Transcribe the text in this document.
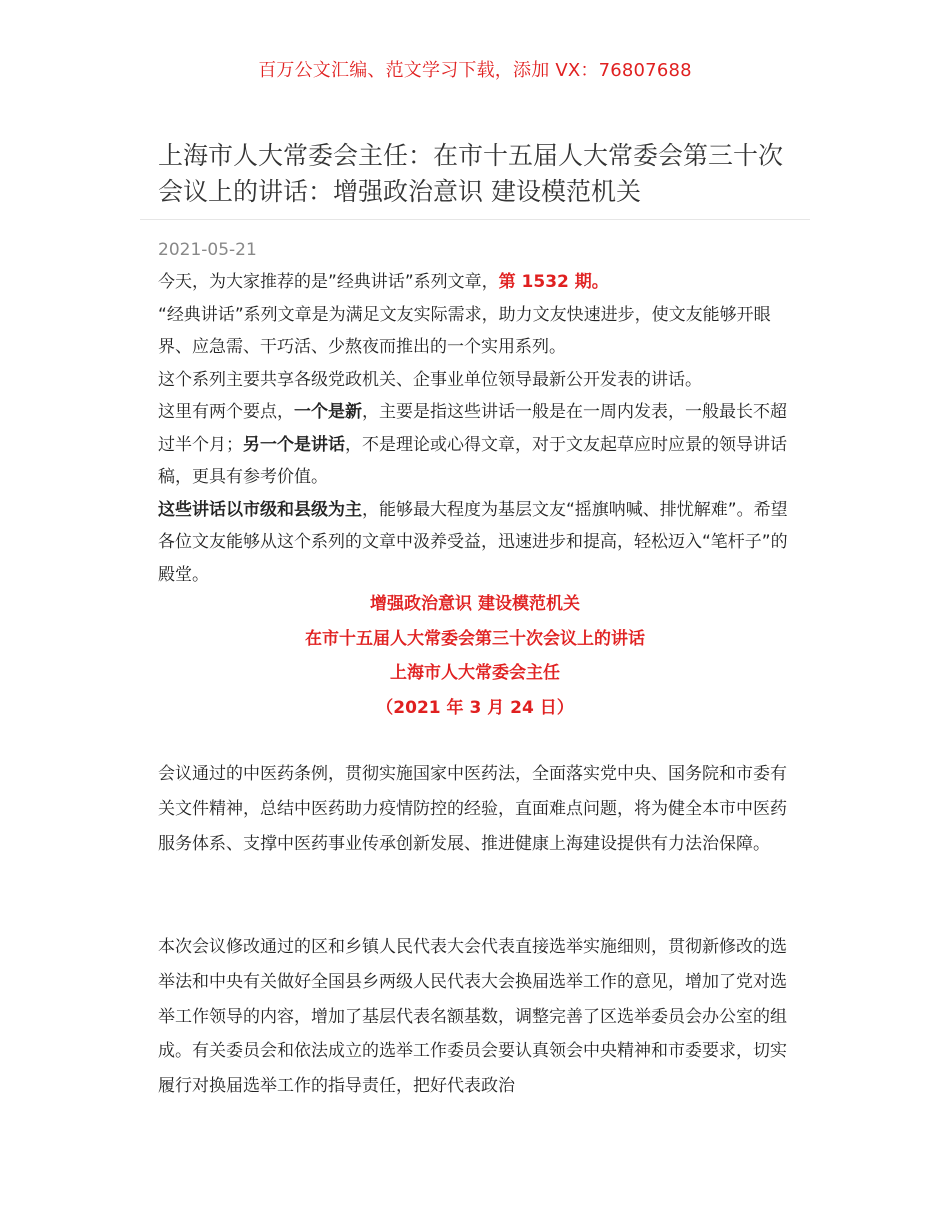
百万公文汇编、范文学习下载，添加 VX：76807688
上海市人大常委会主任：在市十五届人大常委会第三十次会议上的讲话：增强政治意识 建设模范机关
2021-05-21

今天，为大家推荐的是”经典讲话”系列文章，第 1532 期。

“经典讲话”系列文章是为满足文友实际需求，助力文友快速进步，使文友能够开眼界、应急需、干巧活、少熬夜而推出的一个实用系列。

这个系列主要共享各级党政机关、企事业单位领导最新公开发表的讲话。

这里有两个要点，一个是新，主要是指这些讲话一般是在一周内发表，一般最长不超过半个月；另一个是讲话，不是理论或心得文章，对于文友起草应时应景的领导讲话稿，更具有参考价值。

这些讲话以市级和县级为主，能够最大程度为基层文友“摇旗呐喊、排忧解难”。希望各位文友能够从这个系列的文章中汲养受益，迅速进步和提高，轻松迈入“笔杆子”的殿堂。

增强政治意识 建设模范机关
在市十五届人大常委会第三十次会议上的讲话
上海市人大常委会主任
（2021 年 3 月 24 日）

会议通过的中医药条例，贯彻实施国家中医药法，全面落实党中央、国务院和市委有关文件精神，总结中医药助力疫情防控的经验，直面难点问题，将为健全本市中医药服务体系、支撑中医药事业传承创新发展、推进健康上海建设提供有力法治保障。

本次会议修改通过的区和乡镇人民代表大会代表直接选举实施细则，贯彻新修改的选举法和中央有关做好全国县乡两级人民代表大会换届选举工作的意见，增加了党对选举工作领导的内容，增加了基层代表名额基数，调整完善了区选举委员会办公室的组成。有关委员会和依法成立的选举工作委员会要认真领会中央精神和市委要求，切实履行对换届选举工作的指导责任，把好代表政治
